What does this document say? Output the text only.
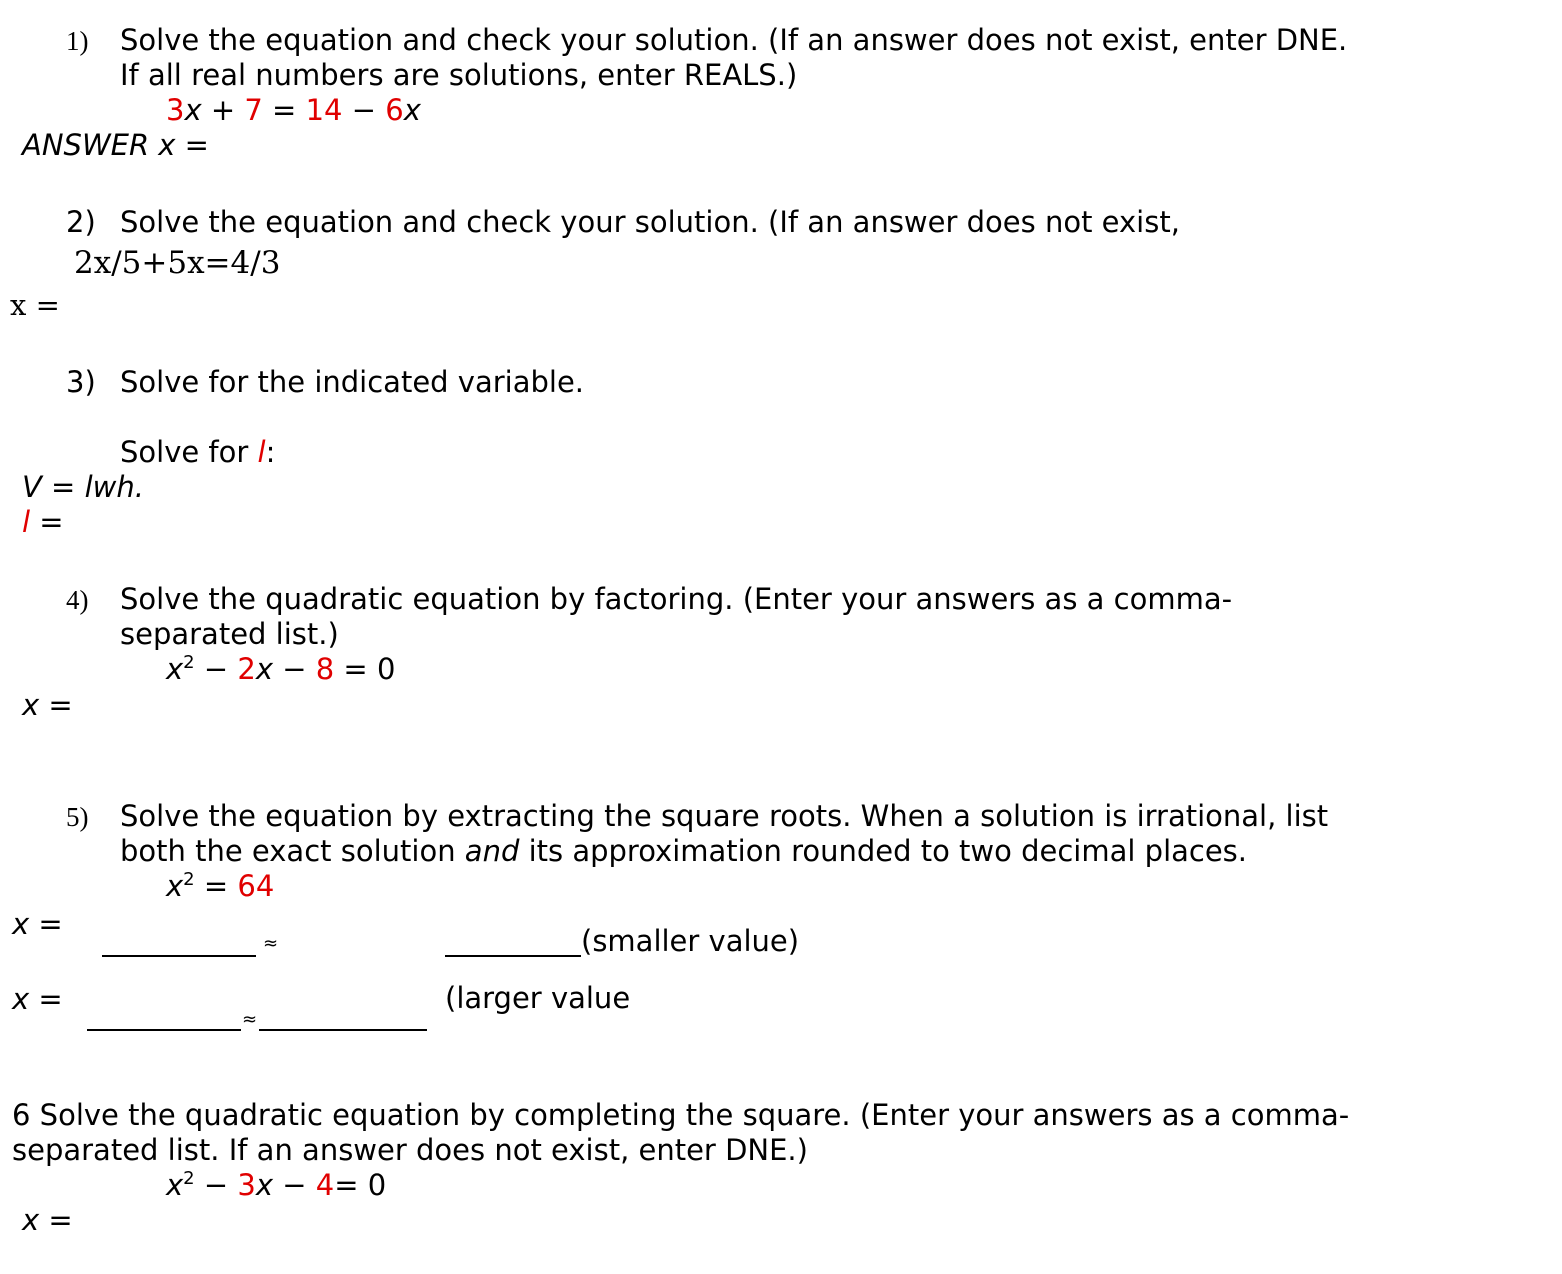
1) Solve the equation and check your solution. (If an answer does not exist, enter DNE.
If all real numbers are solutions, enter REALS.)
3x + 7 = 14 − 6x
ANSWER x =
2) Solve the equation and check your solution. (If an answer does not exist,
2x/5+5x=4/3
x =
3) Solve for the indicated variable.
Solve for l:
V = lwh.
l =
4) Solve the quadratic equation by factoring. (Enter your answers as a comma-
separated list.)
$x^2 - 2x - 8 = 0$
x =
5) Solve the equation by extracting the square roots. When a solution is irrational, list
both the exact solution and its approximation rounded to two decimal places.
$x^2 = 64$
x =
≈	(smaller value)
x =
≈
(larger value
6 Solve the quadratic equation by completing the square. (Enter your answers as a comma-
separated list. If an answer does not exist, enter DNE.)
$x^2 - 3x - 4= 0$
x =
